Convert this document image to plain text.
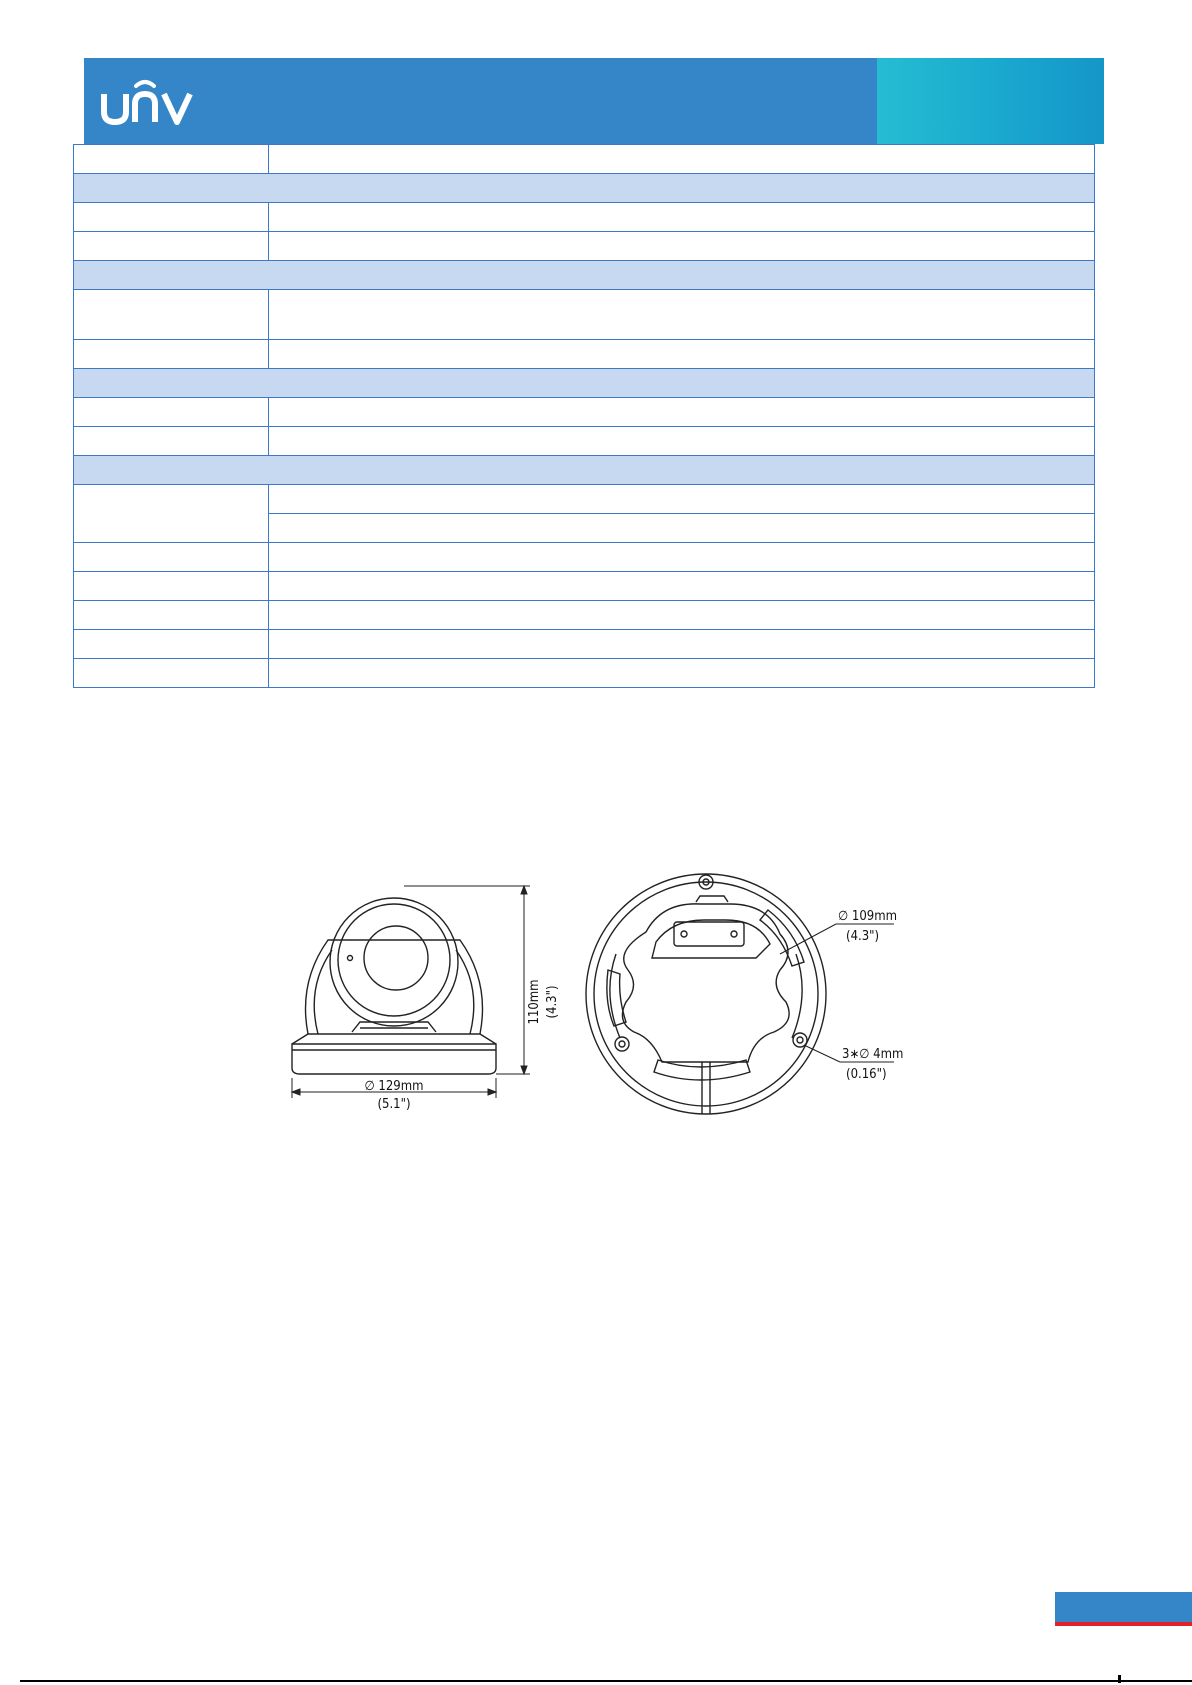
110mm (4.3")
∅ 129mm
(5.1")
∅ 109mm
(4.3")
3∗∅ 4mm
(0.16")
